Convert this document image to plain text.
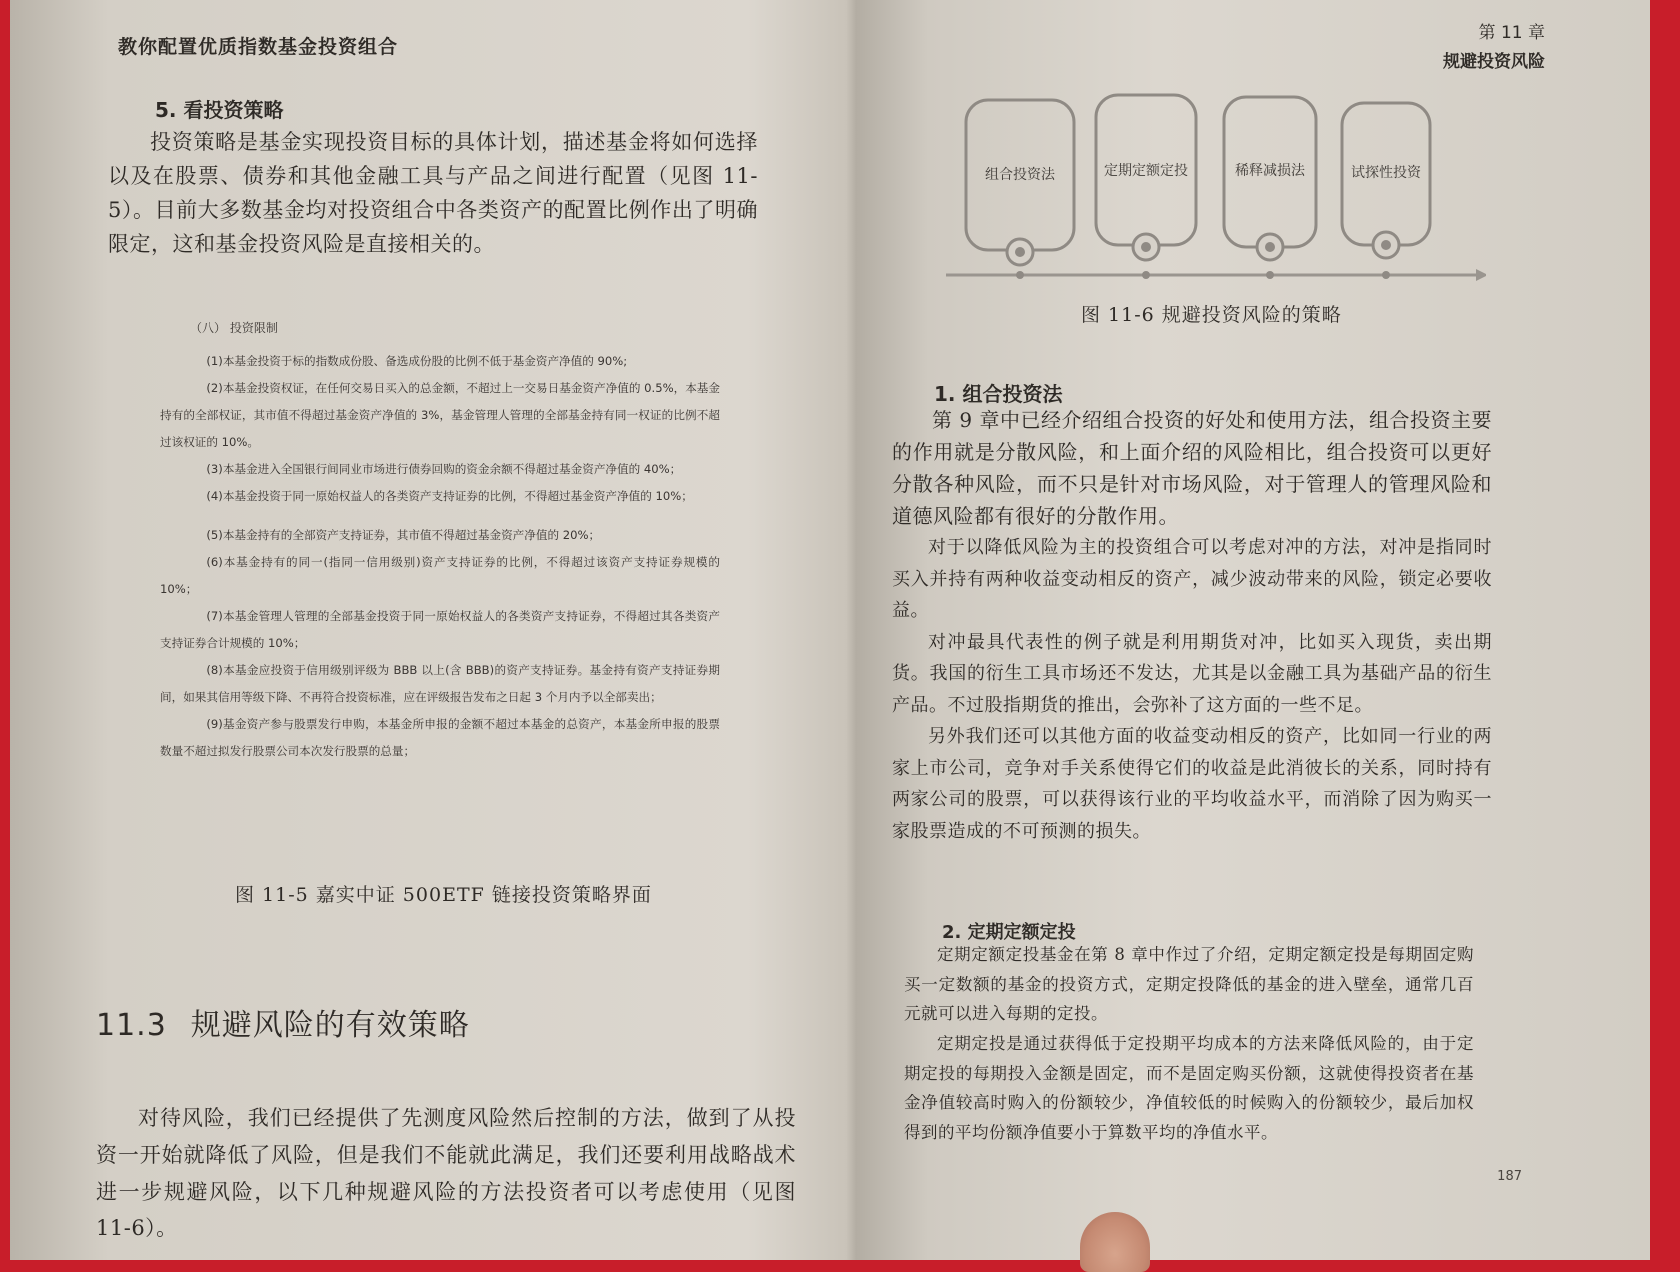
教你配置优质指数基金投资组合
5. 看投资策略
投资策略是基金实现投资目标的具体计划，描述基金将如何选择以及在股票、债券和其他金融工具与产品之间进行配置（见图 11-5）。目前大多数基金均对投资组合中各类资产的配置比例作出了明确限定，这和基金投资风险是直接相关的。
（八） 投资限制
(1)本基金投资于标的指数成份股、备选成份股的比例不低于基金资产净值的 90%;
(2)本基金投资权证，在任何交易日买入的总金额，不超过上一交易日基金资产净值的 0.5%，本基金持有的全部权证，其市值不得超过基金资产净值的 3%，基金管理人管理的全部基金持有同一权证的比例不超过该权证的 10%。
(3)本基金进入全国银行间同业市场进行债券回购的资金余额不得超过基金资产净值的 40%；
(4)本基金投资于同一原始权益人的各类资产支持证券的比例，不得超过基金资产净值的 10%；
(5)本基金持有的全部资产支持证券，其市值不得超过基金资产净值的 20%；
(6)本基金持有的同一(指同一信用级别)资产支持证券的比例，不得超过该资产支持证券规模的 10%；
(7)本基金管理人管理的全部基金投资于同一原始权益人的各类资产支持证券，不得超过其各类资产支持证券合计规模的 10%；
(8)本基金应投资于信用级别评级为 BBB 以上(含 BBB)的资产支持证券。基金持有资产支持证券期间，如果其信用等级下降、不再符合投资标准，应在评级报告发布之日起 3 个月内予以全部卖出；
(9)基金资产参与股票发行申购，本基金所申报的金额不超过本基金的总资产，本基金所申报的股票数量不超过拟发行股票公司本次发行股票的总量；
图 11-5 嘉实中证 500ETF 链接投资策略界面
11.3 规避风险的有效策略
对待风险，我们已经提供了先测度风险然后控制的方法，做到了从投资一开始就降低了风险，但是我们不能就此满足，我们还要利用战略战术进一步规避风险，以下几种规避风险的方法投资者可以考虑使用（见图 11-6）。
第 11 章
规避投资风险
组合投资法	定期定额定投	稀释减损法	试探性投资
图 11-6 规避投资风险的策略
1. 组合投资法
第 9 章中已经介绍组合投资的好处和使用方法，组合投资主要的作用就是分散风险，和上面介绍的风险相比，组合投资可以更好分散各种风险，而不只是针对市场风险，对于管理人的管理风险和道德风险都有很好的分散作用。
对于以降低风险为主的投资组合可以考虑对冲的方法，对冲是指同时买入并持有两种收益变动相反的资产，减少波动带来的风险，锁定必要收益。
对冲最具代表性的例子就是利用期货对冲，比如买入现货，卖出期货。我国的衍生工具市场还不发达，尤其是以金融工具为基础产品的衍生产品。不过股指期货的推出，会弥补了这方面的一些不足。
另外我们还可以其他方面的收益变动相反的资产，比如同一行业的两家上市公司，竞争对手关系使得它们的收益是此消彼长的关系，同时持有两家公司的股票，可以获得该行业的平均收益水平，而消除了因为购买一家股票造成的不可预测的损失。
2. 定期定额定投
定期定额定投基金在第 8 章中作过了介绍，定期定额定投是每期固定购买一定数额的基金的投资方式，定期定投降低的基金的进入壁垒，通常几百元就可以进入每期的定投。
定期定投是通过获得低于定投期平均成本的方法来降低风险的，由于定期定投的每期投入金额是固定，而不是固定购买份额，这就使得投资者在基金净值较高时购入的份额较少，净值较低的时候购入的份额较少，最后加权得到的平均份额净值要小于算数平均的净值水平。
187
